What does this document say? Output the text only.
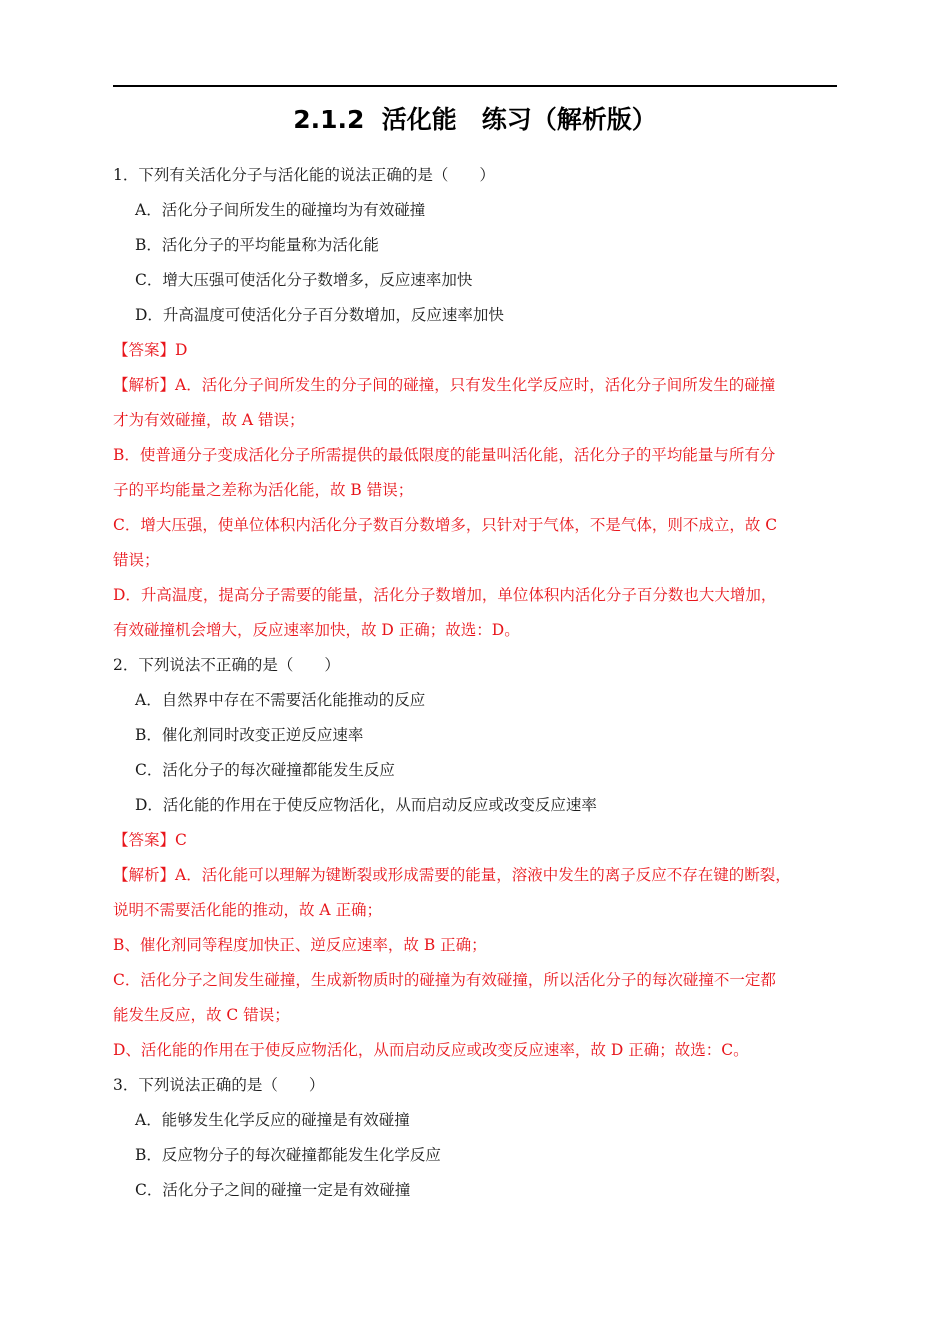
2.1.2  活化能　练习（解析版）
1．下列有关活化分子与活化能的说法正确的是（　　）
A．活化分子间所发生的碰撞均为有效碰撞
B．活化分子的平均能量称为活化能
C．增大压强可使活化分子数增多，反应速率加快
D．升高温度可使活化分子百分数增加，反应速率加快
【答案】D
【解析】A．活化分子间所发生的分子间的碰撞，只有发生化学反应时，活化分子间所发生的碰撞
才为有效碰撞，故 A 错误；
B．使普通分子变成活化分子所需提供的最低限度的能量叫活化能，活化分子的平均能量与所有分
子的平均能量之差称为活化能，故 B 错误；
C．增大压强，使单位体积内活化分子数百分数增多，只针对于气体，不是气体，则不成立，故 C
错误；
D．升高温度，提高分子需要的能量，活化分子数增加，单位体积内活化分子百分数也大大增加，
有效碰撞机会增大，反应速率加快，故 D 正确；故选：D。
2．下列说法不正确的是（　　）
A．自然界中存在不需要活化能推动的反应
B．催化剂同时改变正逆反应速率
C．活化分子的每次碰撞都能发生反应
D．活化能的作用在于使反应物活化，从而启动反应或改变反应速率
【答案】C
【解析】A．活化能可以理解为键断裂或形成需要的能量，溶液中发生的离子反应不存在键的断裂，
说明不需要活化能的推动，故 A 正确；
B、催化剂同等程度加快正、逆反应速率，故 B 正确；
C．活化分子之间发生碰撞，生成新物质时的碰撞为有效碰撞，所以活化分子的每次碰撞不一定都
能发生反应，故 C 错误；
D、活化能的作用在于使反应物活化，从而启动反应或改变反应速率，故 D 正确；故选：C。
3．下列说法正确的是（　　）
A．能够发生化学反应的碰撞是有效碰撞
B．反应物分子的每次碰撞都能发生化学反应
C．活化分子之间的碰撞一定是有效碰撞
